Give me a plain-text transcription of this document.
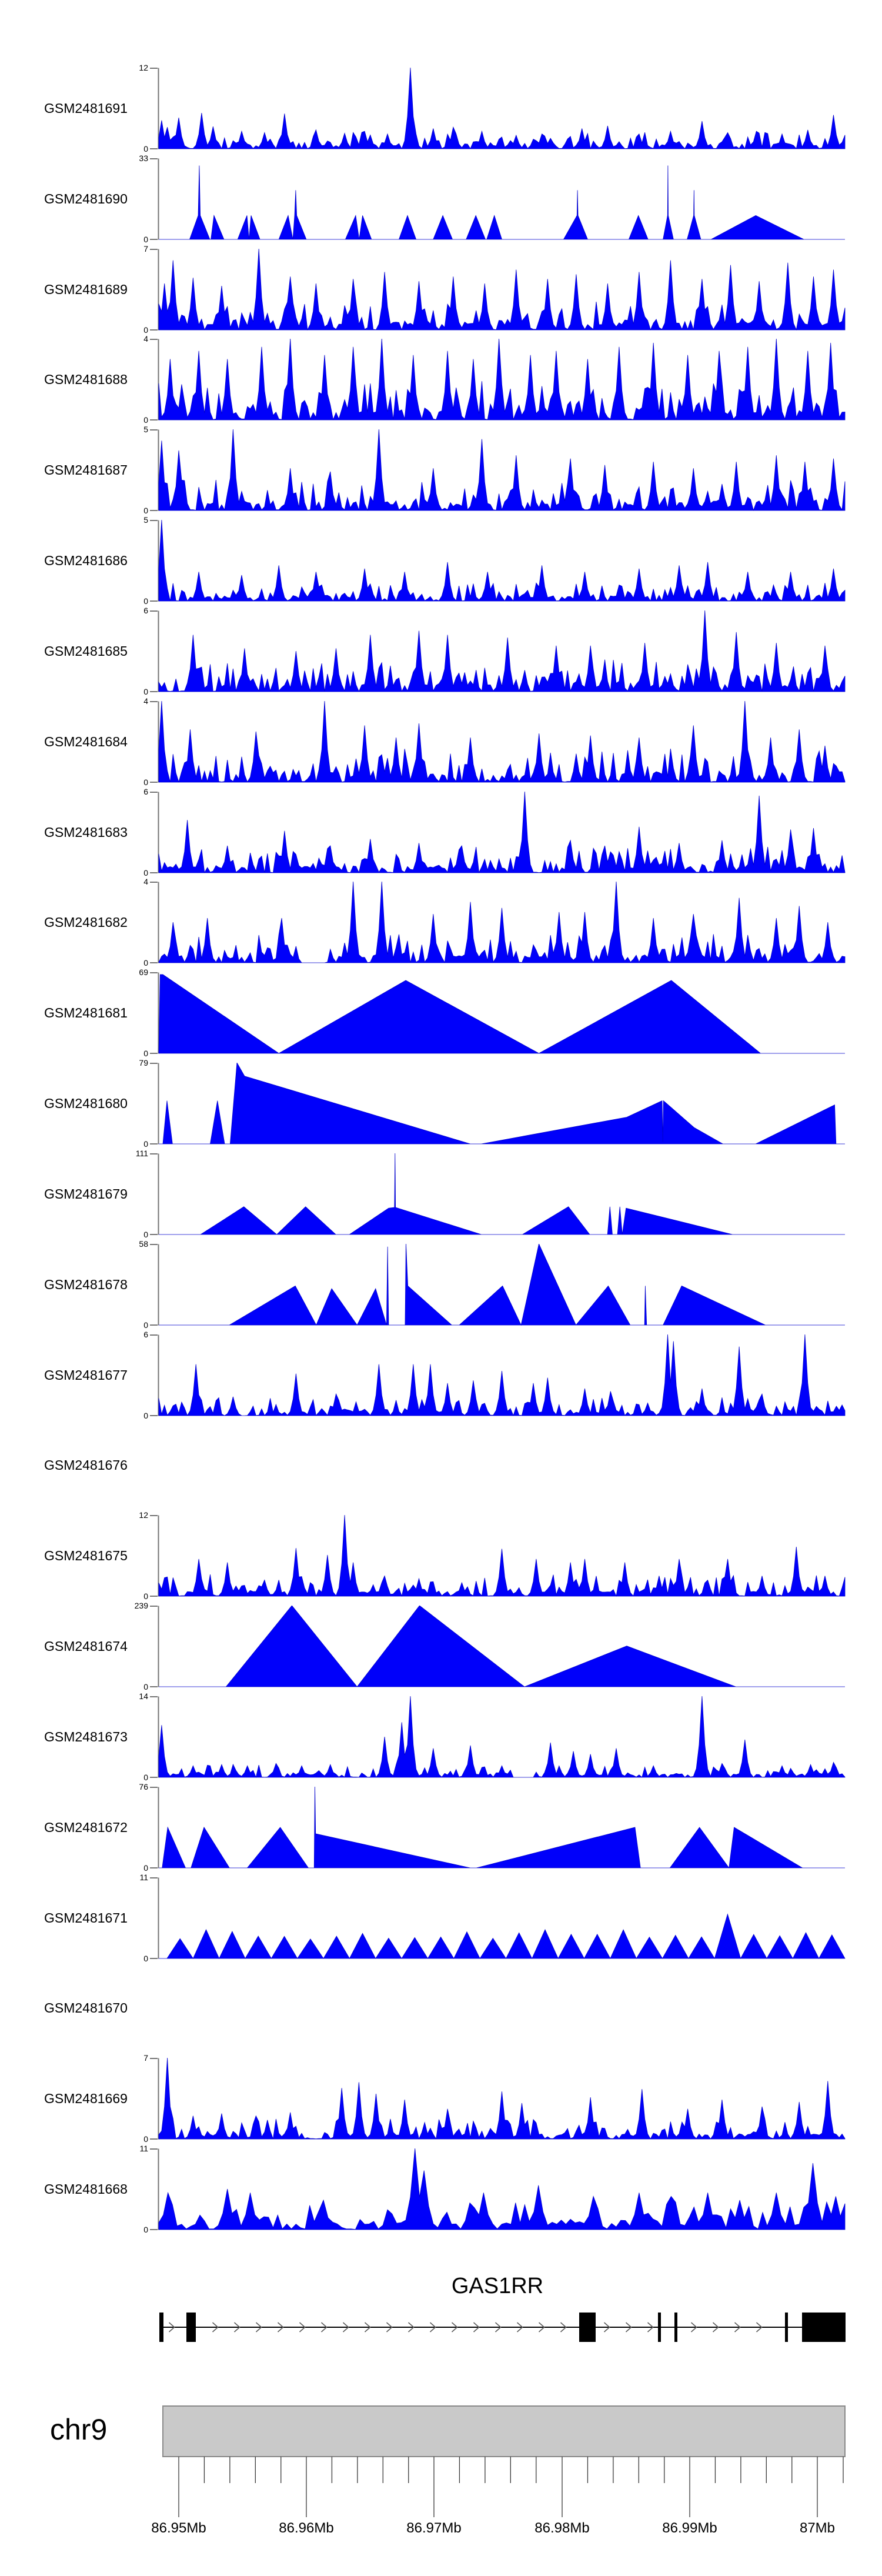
GSM2481691
12
0
GSM2481690
33
0
GSM2481689
7
0
GSM2481688
4
0
GSM2481687
5
0
GSM2481686
5
0
GSM2481685
6
0
GSM2481684
4
0
GSM2481683
6
0
GSM2481682
4
0
GSM2481681
69
0
GSM2481680
79
0
GSM2481679
111
0
GSM2481678
58
0
GSM2481677
6
0
GSM2481676
GSM2481675
12
0
GSM2481674
239
0
GSM2481673
14
0
GSM2481672
76
0
GSM2481671
11
0
GSM2481670
GSM2481669
7
0
GSM2481668
11
0
GAS1RR
chr9
86.95Mb	86.96Mb	86.97Mb	86.98Mb	86.99Mb	87Mb
